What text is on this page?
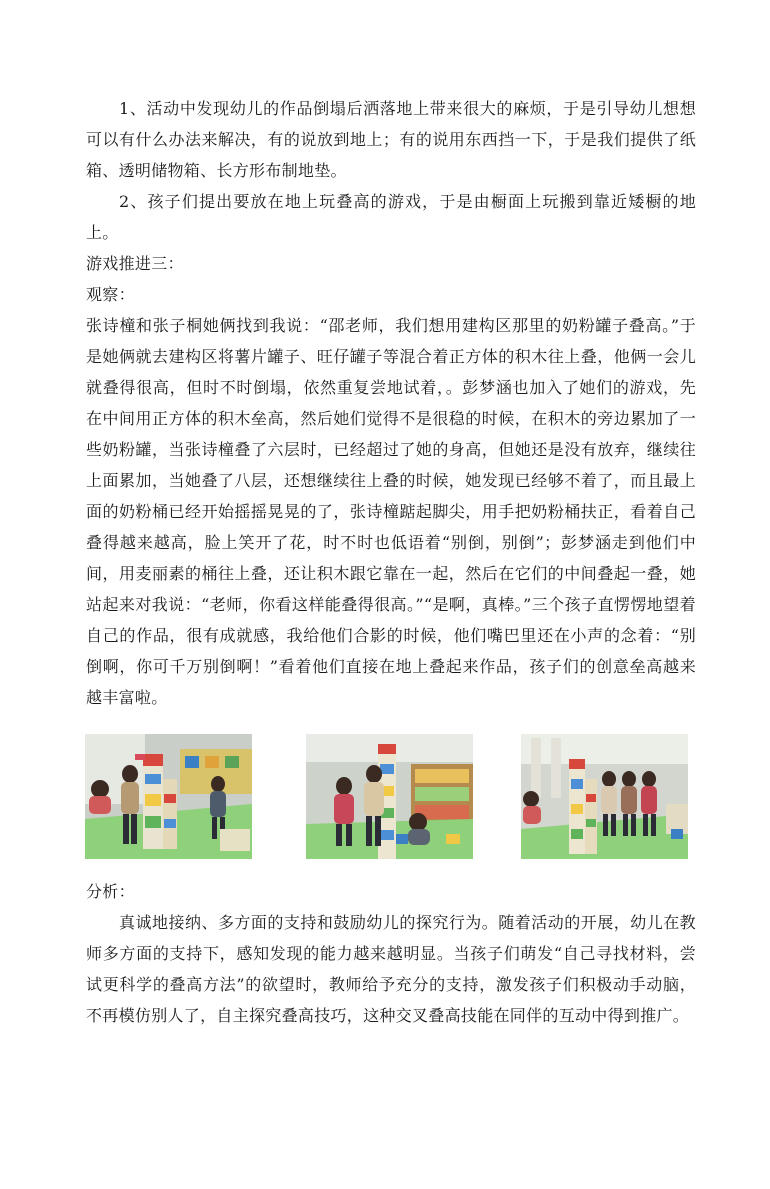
1、活动中发现幼儿的作品倒塌后洒落地上带来很大的麻烦，于是引导幼儿想想可以有什么办法来解决，有的说放到地上；有的说用东西挡一下，于是我们提供了纸箱、透明储物箱、长方形布制地垫。

2、孩子们提出要放在地上玩叠高的游戏，于是由橱面上玩搬到靠近矮橱的地上。

游戏推进三：

观察：

张诗橦和张子桐她俩找到我说：“邵老师，我们想用建构区那里的奶粉罐子叠高。”于是她俩就去建构区将薯片罐子、旺仔罐子等混合着正方体的积木往上叠，他俩一会儿就叠得很高，但时不时倒塌，依然重复尝地试着，。彭梦涵也加入了她们的游戏，先在中间用正方体的积木垒高，然后她们觉得不是很稳的时候，在积木的旁边累加了一些奶粉罐，当张诗橦叠了六层时，已经超过了她的身高，但她还是没有放弃，继续往上面累加，当她叠了八层，还想继续往上叠的时候，她发现已经够不着了，而且最上面的奶粉桶已经开始摇摇晃晃的了，张诗橦踮起脚尖，用手把奶粉桶扶正，看着自己叠得越来越高，脸上笑开了花，时不时也低语着“别倒，别倒”；彭梦涵走到他们中间，用麦丽素的桶往上叠，还让积木跟它靠在一起，然后在它们的中间叠起一叠，她站起来对我说：“老师，你看这样能叠得很高。”“是啊，真棒。”三个孩子直愣愣地望着自己的作品，很有成就感，我给他们合影的时候，他们嘴巴里还在小声的念着：“别倒啊，你可千万别倒啊！”看着他们直接在地上叠起来作品，孩子们的创意垒高越来越丰富啦。

分析：

真诚地接纳、多方面的支持和鼓励幼儿的探究行为。随着活动的开展，幼儿在教师多方面的支持下，感知发现的能力越来越明显。当孩子们萌发“自己寻找材料，尝试更科学的叠高方法”的欲望时，教师给予充分的支持，激发孩子们积极动手动脑，不再模仿别人了，自主探究叠高技巧，这种交叉叠高技能在同伴的互动中得到推广。
